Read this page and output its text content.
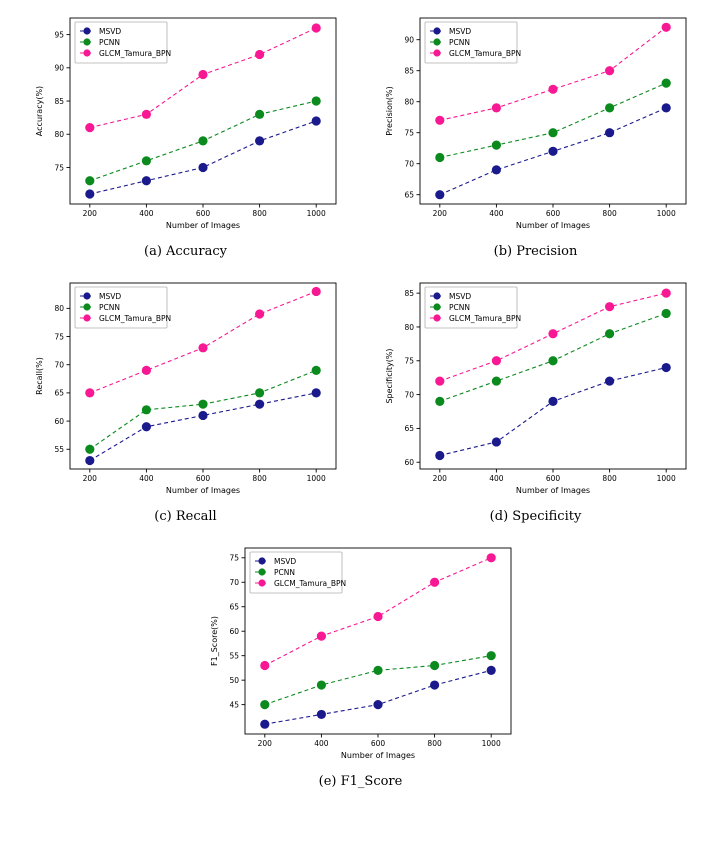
200	400	600	800	1000
75
80
85
90
95
Number of Images
Accuracy(%)
MSVD
PCNN
GLCM_Tamura_BPN
(a) Accuracy
200	400	600	800	1000
65
70
75
80
85
90
Number of Images
Precision(%)
MSVD
PCNN
GLCM_Tamura_BPN
(b) Precision
200	400	600	800	1000
55
60
65
70
75
80
Number of Images
Recall(%)
MSVD
PCNN
GLCM_Tamura_BPN
(c) Recall
200	400	600	800	1000
60
65
70
75
80
85
Number of Images
Specificity(%)
MSVD
PCNN
GLCM_Tamura_BPN
(d) Specificity
200	400	600	800	1000
45
50
55
60
65
70
75
Number of Images
F1_Score(%)
MSVD
PCNN
GLCM_Tamura_BPN
(e) F1_Score
